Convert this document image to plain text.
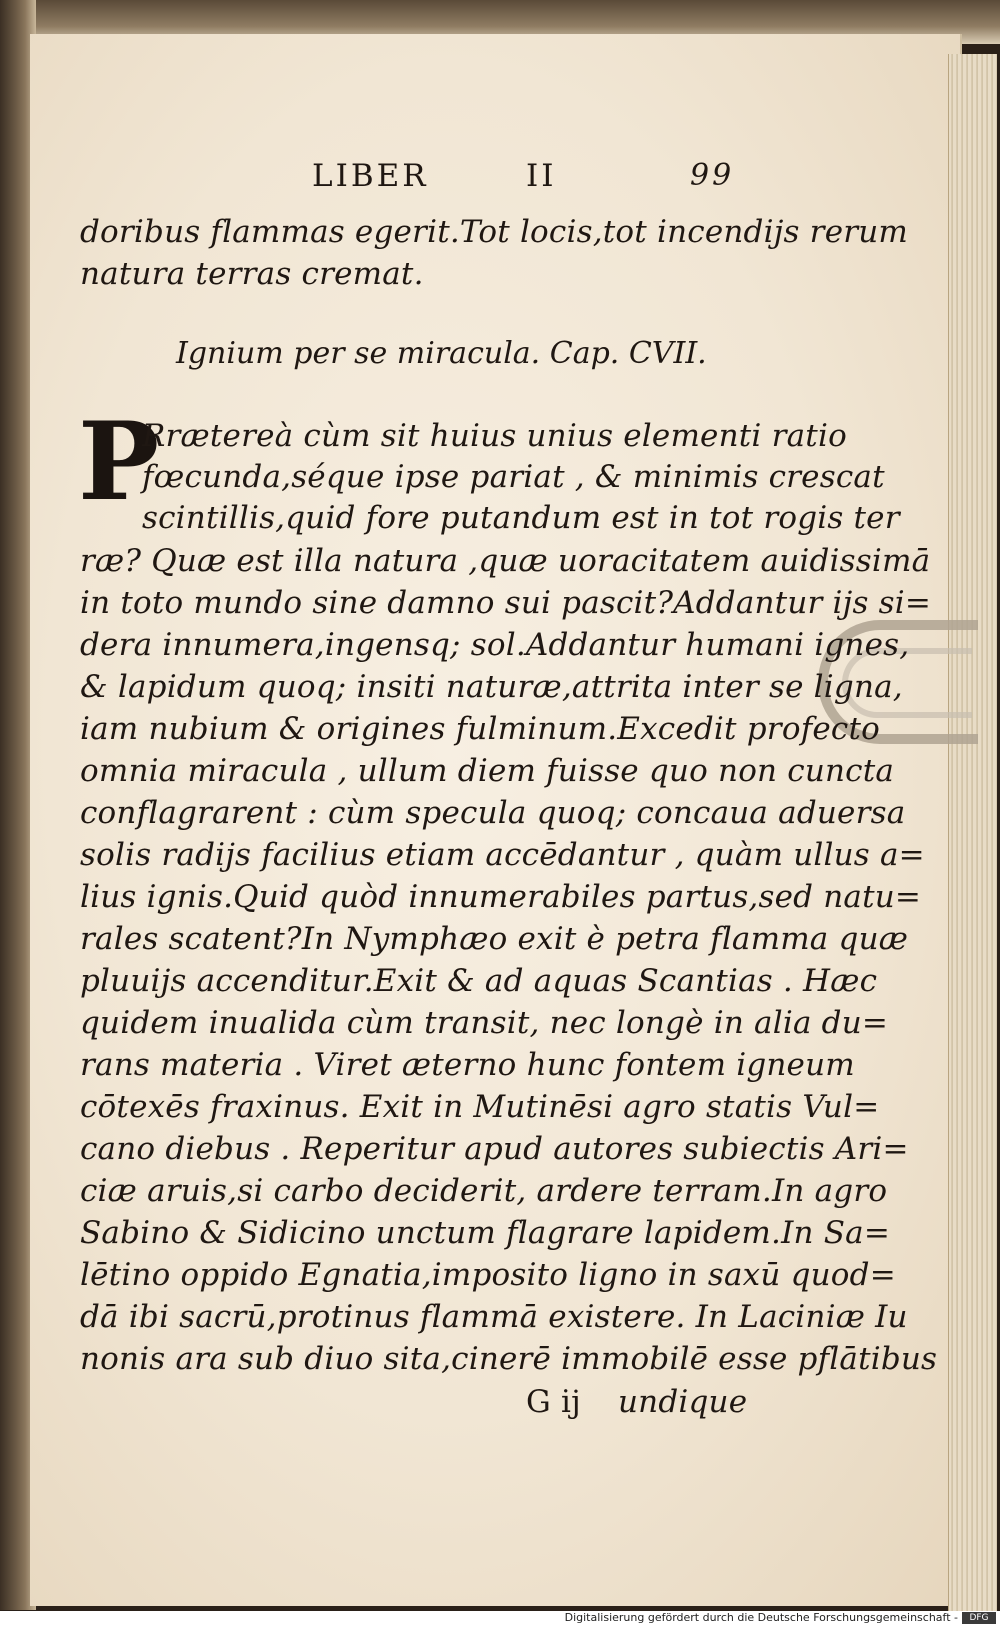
LIBER	II	99
doribus flammas egerit.Tot locis,tot incendijs rerum
natura terras cremat.
Ignium per se miracula. Cap. CVII.
P
Rrætereà cùm sit huius unius elementi ratio
fœcunda,séque ipse pariat , & minimis crescat
scintillis,quid fore putandum est in tot rogis ter
ræ? Quæ est illa natura ,quæ uoracitatem auidissimā
in toto mundo sine damno sui pascit?Addantur ijs si=
dera innumera,ingensq; sol.Addantur humani ignes,
& lapidum quoq; insiti naturæ,attrita inter se ligna,
iam nubium & origines fulminum.Excedit profecto
omnia miracula , ullum diem fuisse quo non cuncta
conflagrarent : cùm specula quoq; concaua aduersa
solis radijs facilius etiam accēdantur , quàm ullus a=
lius ignis.Quid quòd innumerabiles partus,sed natu=
rales scatent?In Nymphæo exit è petra flamma quæ
pluuijs accenditur.Exit & ad aquas Scantias . Hæc
quidem inualida cùm transit, nec longè in alia du=
rans materia . Viret æterno hunc fontem igneum
cōtexēs fraxinus. Exit in Mutinēsi agro statis Vul=
cano diebus . Reperitur apud autores subiectis Ari=
ciæ aruis,si carbo deciderit, ardere terram.In agro
Sabino & Sidicino unctum flagrare lapidem.In Sa=
lētino oppido Egnatia,imposito ligno in saxū quod=
dā ibi sacrū,protinus flammā existere. In Laciniæ Iu
nonis ara sub diuo sita,cinerē immobilē esse pflātibus
G ij undique
Digitalisierung gefördert durch die Deutsche Forschungsgemeinschaft -	DFG
